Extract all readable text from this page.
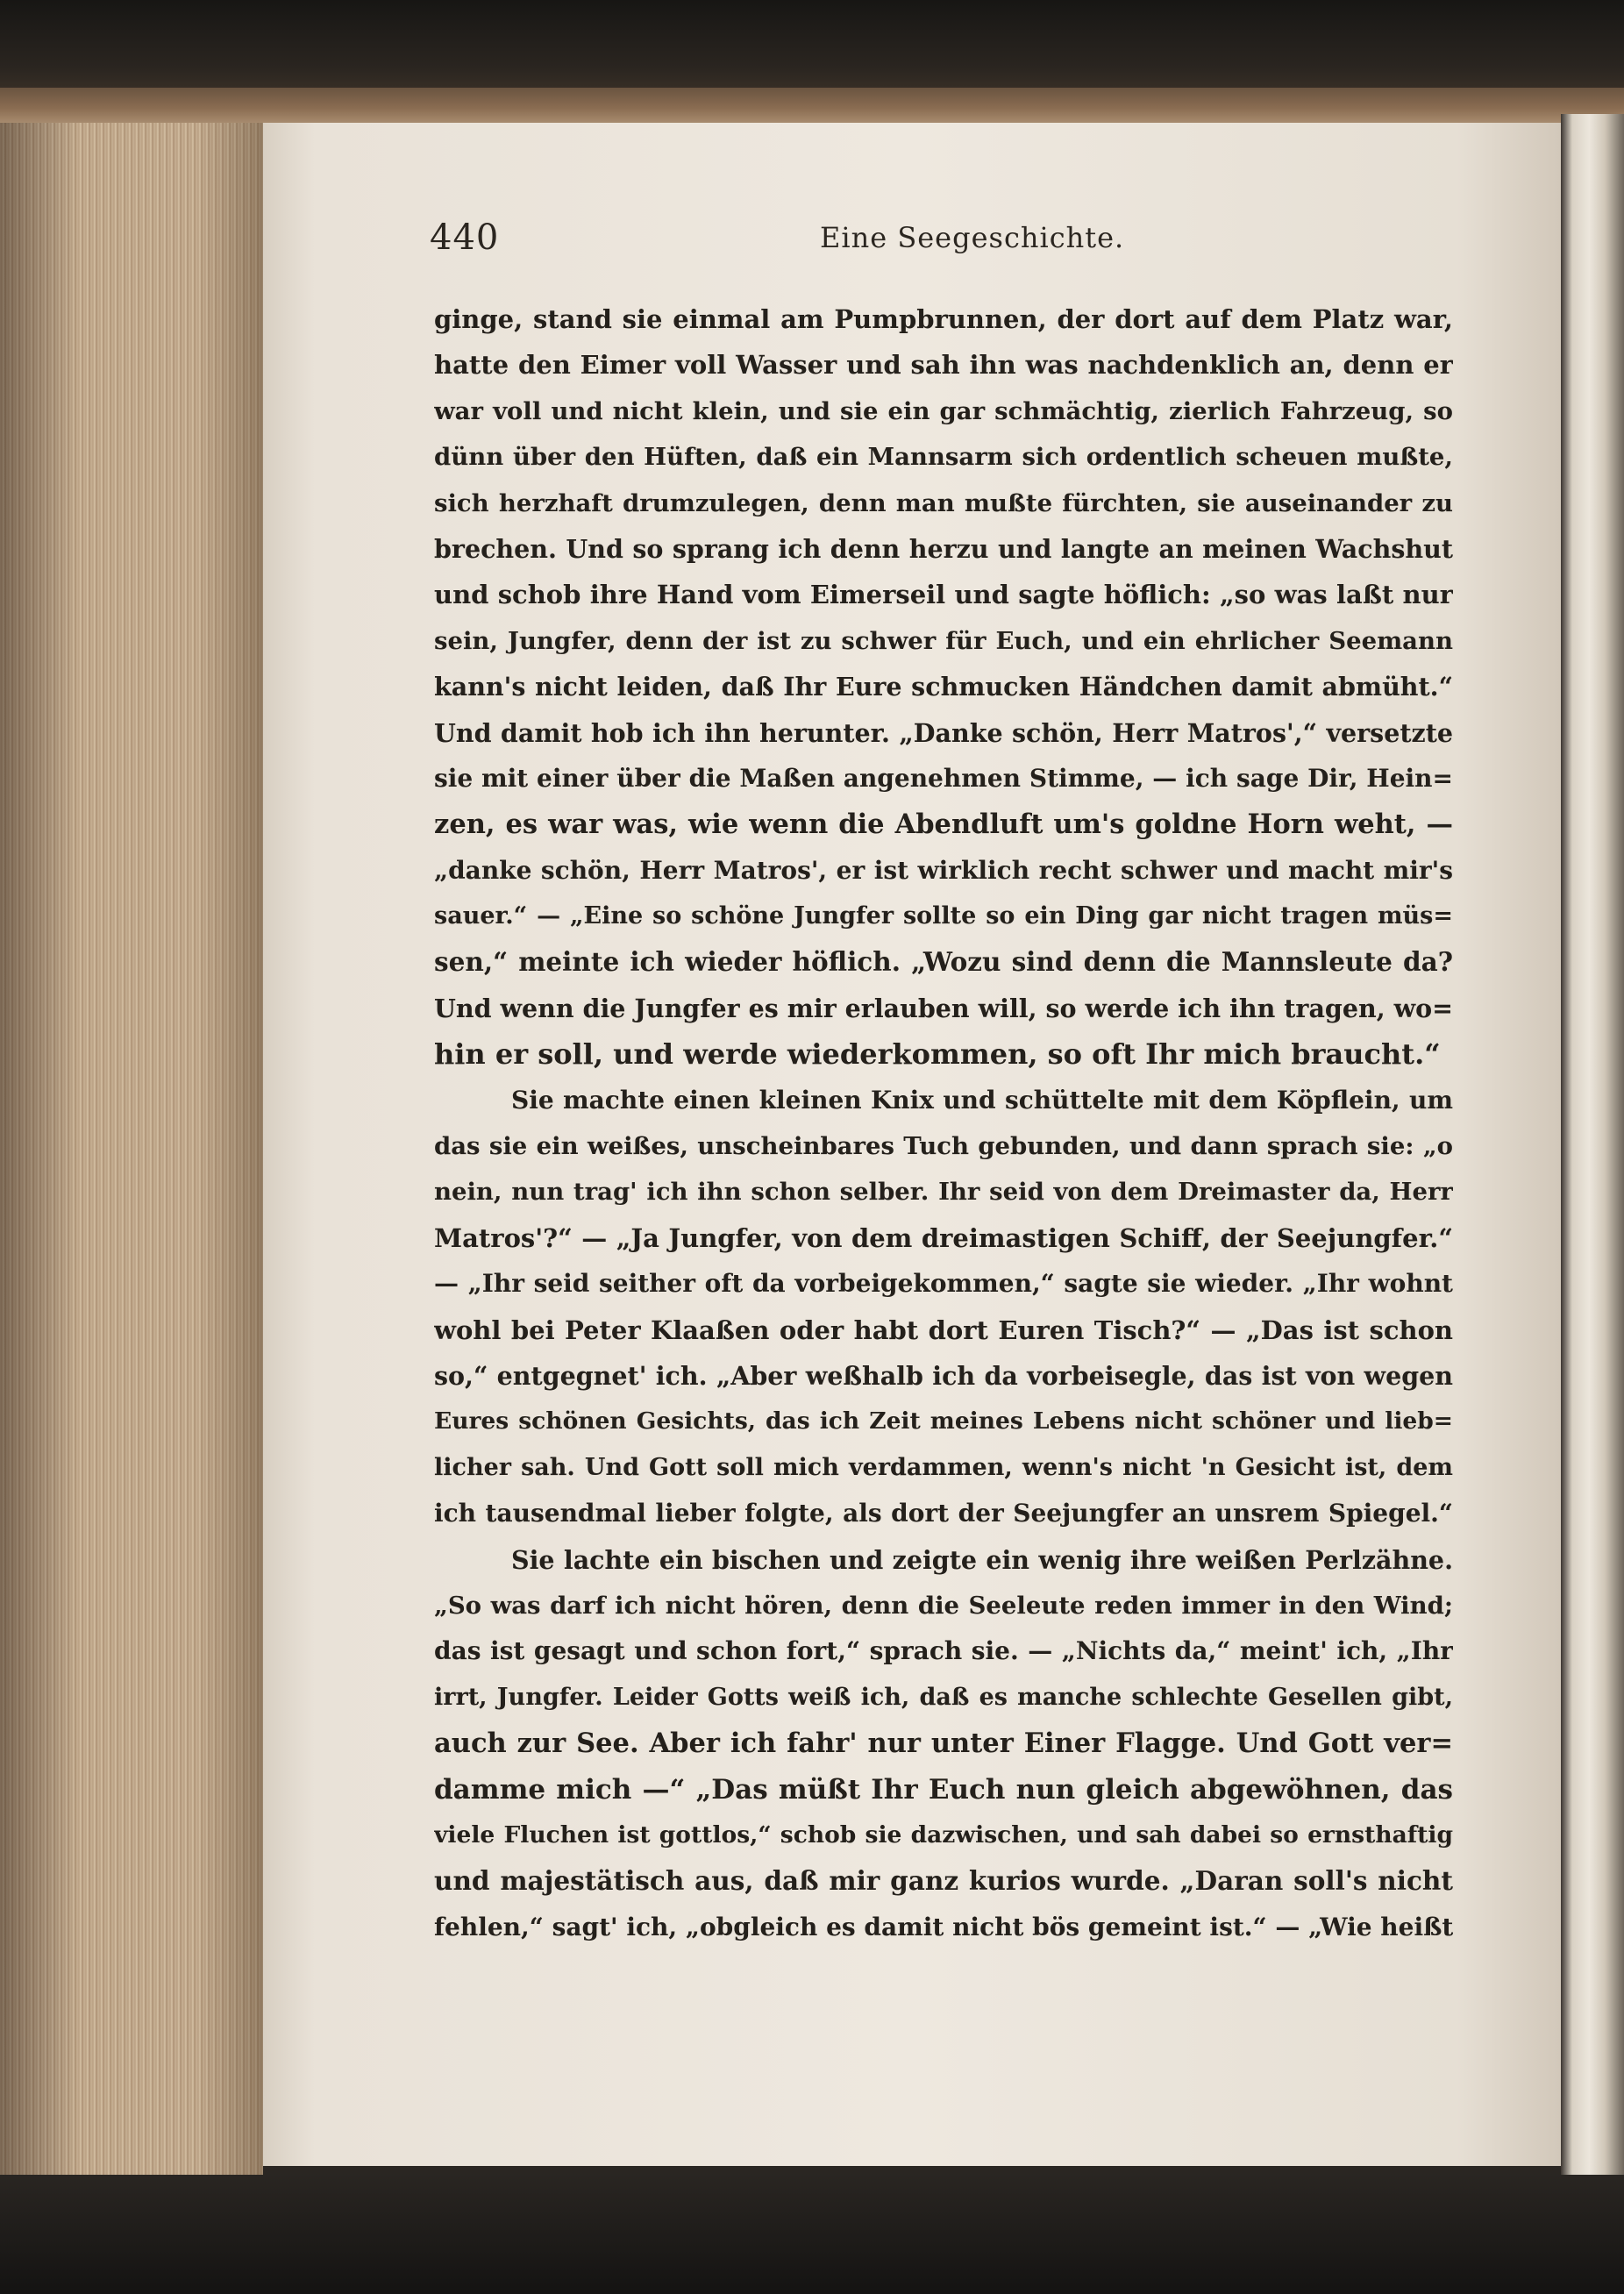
440	Eine Seegeschichte.
ginge, stand sie einmal am Pumpbrunnen, der dort auf dem Platz war,
hatte den Eimer voll Wasser und sah ihn was nachdenklich an, denn er
war voll und nicht klein, und sie ein gar schmächtig, zierlich Fahrzeug, so
dünn über den Hüften, daß ein Mannsarm sich ordentlich scheuen mußte,
sich herzhaft drumzulegen, denn man mußte fürchten, sie auseinander zu
brechen. Und so sprang ich denn herzu und langte an meinen Wachshut
und schob ihre Hand vom Eimerseil und sagte höflich: „so was laßt nur
sein, Jungfer, denn der ist zu schwer für Euch, und ein ehrlicher Seemann
kann's nicht leiden, daß Ihr Eure schmucken Händchen damit abmüht.“
Und damit hob ich ihn herunter. „Danke schön, Herr Matros',“ versetzte
sie mit einer über die Maßen angenehmen Stimme, — ich sage Dir, Hein=
zen, es war was, wie wenn die Abendluft um's goldne Horn weht, —
„danke schön, Herr Matros', er ist wirklich recht schwer und macht mir's
sauer.“ — „Eine so schöne Jungfer sollte so ein Ding gar nicht tragen müs=
sen,“ meinte ich wieder höflich. „Wozu sind denn die Mannsleute da?
Und wenn die Jungfer es mir erlauben will, so werde ich ihn tragen, wo=
hin er soll, und werde wiederkommen, so oft Ihr mich braucht.“
Sie machte einen kleinen Knix und schüttelte mit dem Köpflein, um
das sie ein weißes, unscheinbares Tuch gebunden, und dann sprach sie: „o
nein, nun trag' ich ihn schon selber. Ihr seid von dem Dreimaster da, Herr
Matros'?“ — „Ja Jungfer, von dem dreimastigen Schiff, der Seejungfer.“
— „Ihr seid seither oft da vorbeigekommen,“ sagte sie wieder. „Ihr wohnt
wohl bei Peter Klaaßen oder habt dort Euren Tisch?“ — „Das ist schon
so,“ entgegnet' ich. „Aber weßhalb ich da vorbeisegle, das ist von wegen
Eures schönen Gesichts, das ich Zeit meines Lebens nicht schöner und lieb=
licher sah. Und Gott soll mich verdammen, wenn's nicht 'n Gesicht ist, dem
ich tausendmal lieber folgte, als dort der Seejungfer an unsrem Spiegel.“
Sie lachte ein bischen und zeigte ein wenig ihre weißen Perlzähne.
„So was darf ich nicht hören, denn die Seeleute reden immer in den Wind;
das ist gesagt und schon fort,“ sprach sie. — „Nichts da,“ meint' ich, „Ihr
irrt, Jungfer. Leider Gotts weiß ich, daß es manche schlechte Gesellen gibt,
auch zur See. Aber ich fahr' nur unter Einer Flagge. Und Gott ver=
damme mich —“ „Das müßt Ihr Euch nun gleich abgewöhnen, das
viele Fluchen ist gottlos,“ schob sie dazwischen, und sah dabei so ernsthaftig
und majestätisch aus, daß mir ganz kurios wurde. „Daran soll's nicht
fehlen,“ sagt' ich, „obgleich es damit nicht bös gemeint ist.“ — „Wie heißt
